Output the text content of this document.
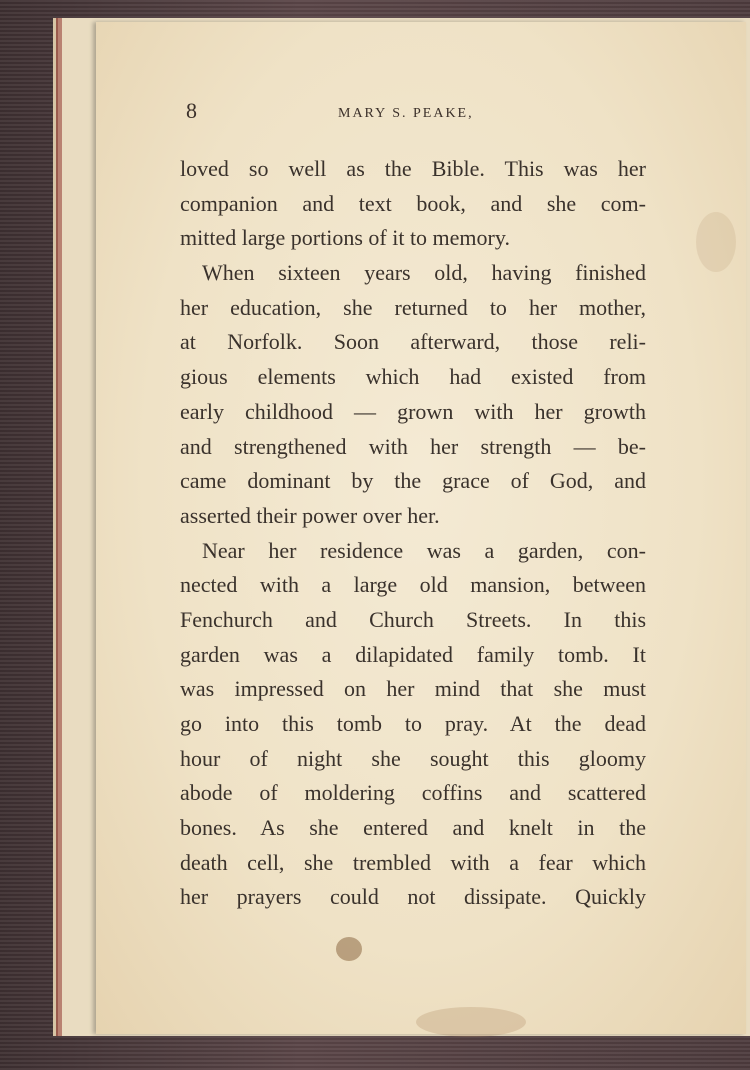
8	MARY S. PEAKE,
loved so well as the Bible. This was her
companion and text book, and she com-
mitted large portions of it to memory.
When sixteen years old, having finished
her education, she returned to her mother,
at Norfolk. Soon afterward, those reli-
gious elements which had existed from
early childhood — grown with her growth
and strengthened with her strength — be-
came dominant by the grace of God, and
asserted their power over her.
Near her residence was a garden, con-
nected with a large old mansion, between
Fenchurch and Church Streets. In this
garden was a dilapidated family tomb. It
was impressed on her mind that she must
go into this tomb to pray. At the dead
hour of night she sought this gloomy
abode of moldering coffins and scattered
bones. As she entered and knelt in the
death cell, she trembled with a fear which
her prayers could not dissipate. Quickly
